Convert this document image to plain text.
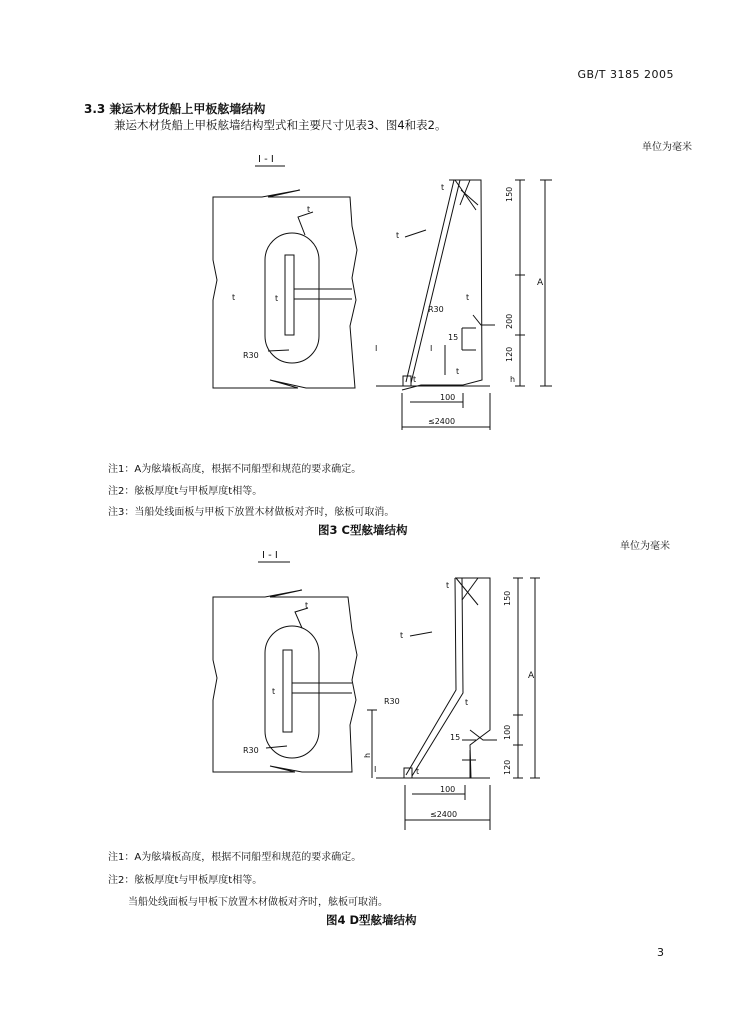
GB/T 3185 2005
3.3 兼运木材货船上甲板舷墙结构
兼运木材货船上甲板舷墙结构型式和主要尺寸见表3、图4和表2。
单位为毫米
I - I
t
t
t
R30
150
A
200
120
h
15
100
≤2400
R30
t
t
t
t
I	I
t
注1：A为舷墙板高度，根据不同船型和规范的要求确定。
注2：舷板厚度t与甲板厚度t相等。
注3：当船处线面板与甲板下放置木材做板对齐时，舷板可取消。
图3 C型舷墙结构
单位为毫米
I - I
t
t
R30
150
A
100
120
15
100
≤2400
h
R30
t
t
t
t
I
注1：A为舷墙板高度，根据不同船型和规范的要求确定。
注2：舷板厚度t与甲板厚度t相等。
当船处线面板与甲板下放置木材做板对齐时，舷板可取消。
图4 D型舷墙结构
3
